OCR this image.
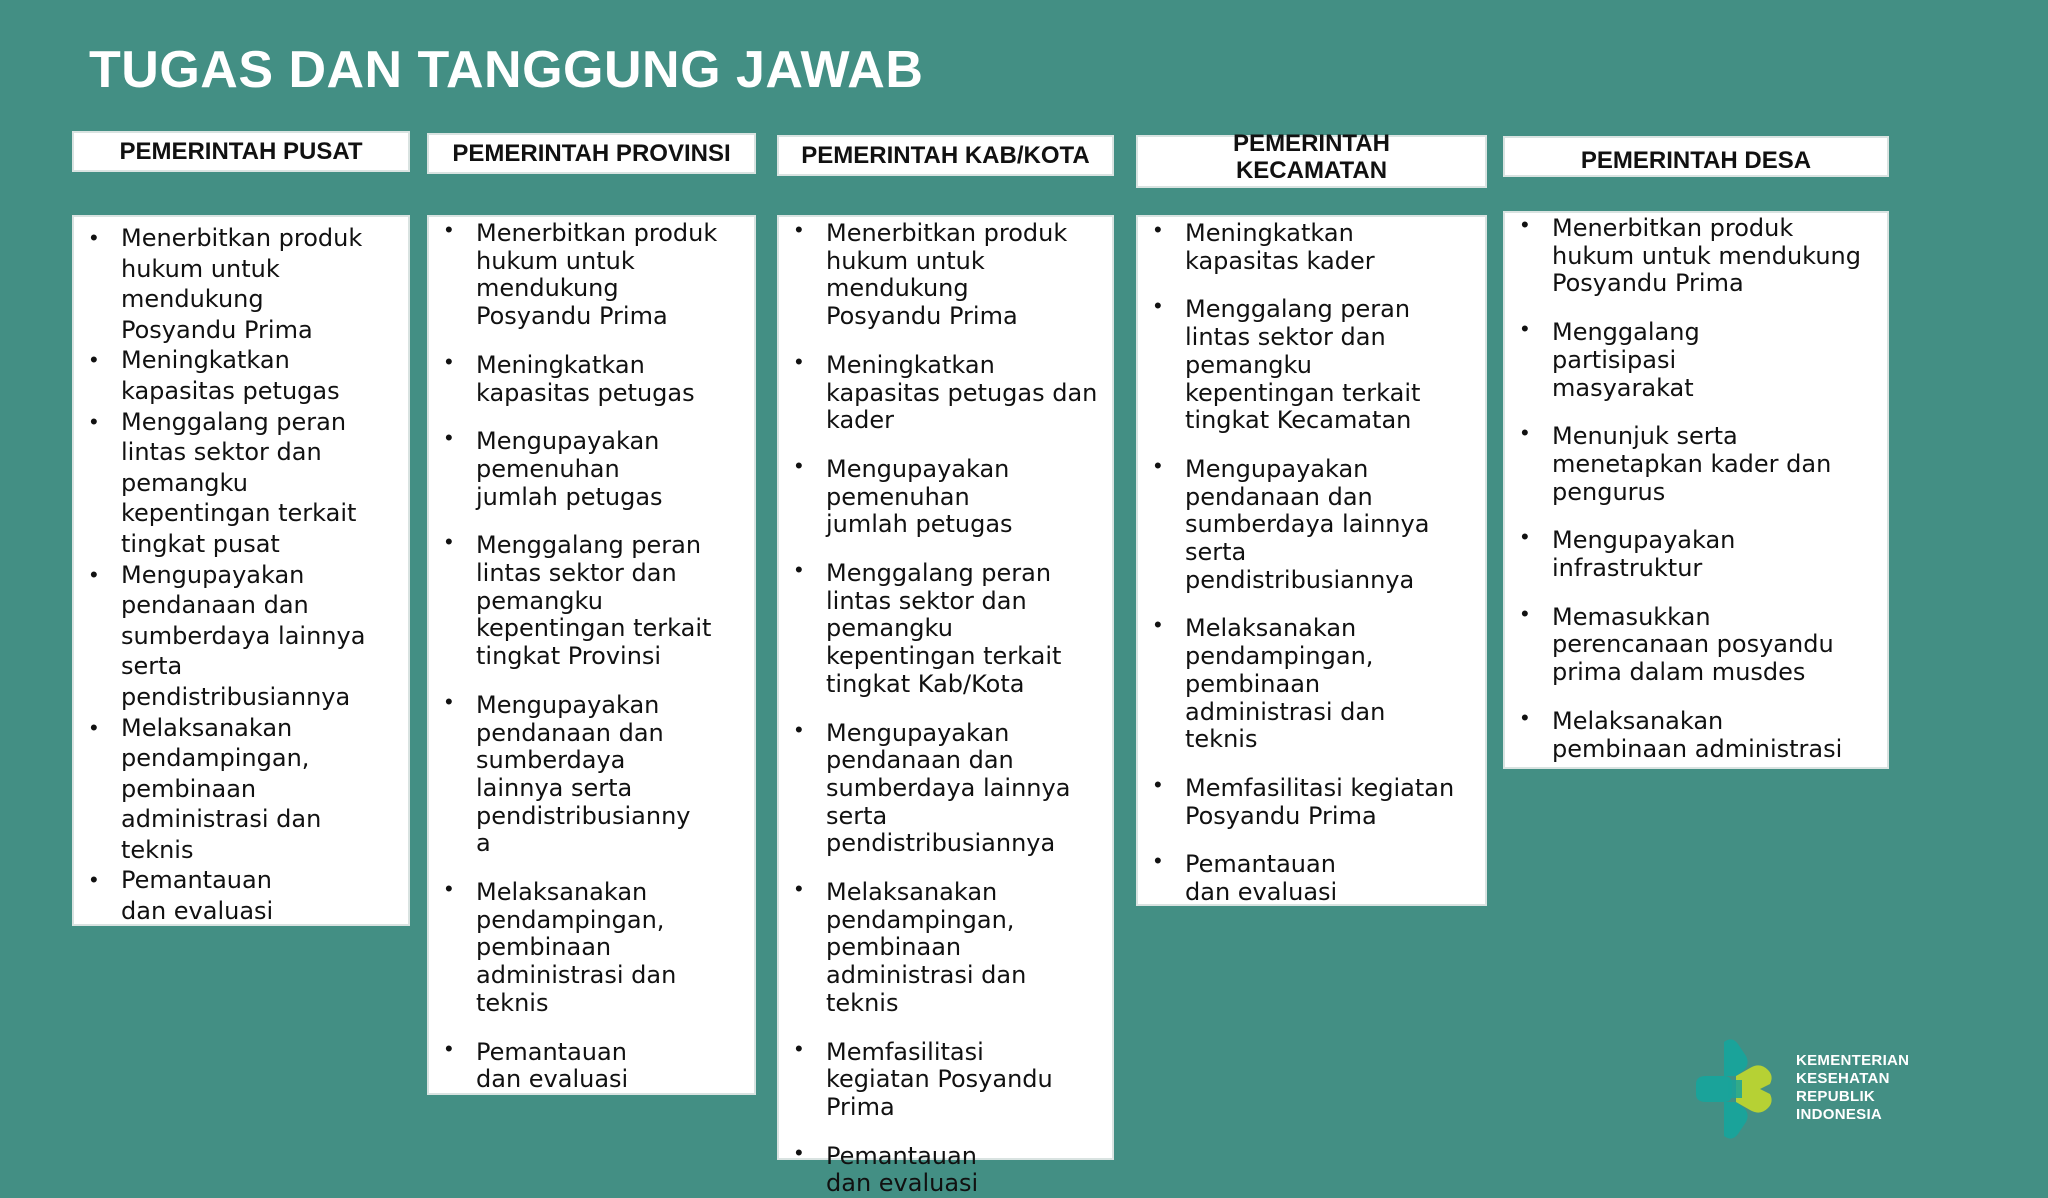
TUGAS DAN TANGGUNG JAWAB
PEMERINTAH PUSAT
• Menerbitkan produk
hukum untuk
mendukung
Posyandu Prima
• Meningkatkan
kapasitas petugas
• Menggalang peran
lintas sektor dan
pemangku
kepentingan terkait
tingkat pusat
• Mengupayakan
pendanaan dan
sumberdaya lainnya
serta
pendistribusiannya
• Melaksanakan
pendampingan,
pembinaan
administrasi dan
teknis
• Pemantauan
dan evaluasi
PEMERINTAH PROVINSI
• Menerbitkan produk
hukum untuk
mendukung
Posyandu Prima
• Meningkatkan
kapasitas petugas
• Mengupayakan
pemenuhan
jumlah petugas
• Menggalang peran
lintas sektor dan
pemangku
kepentingan terkait
tingkat Provinsi
• Mengupayakan
pendanaan dan
sumberdaya
lainnya serta
pendistribusianny
a
• Melaksanakan
pendampingan,
pembinaan
administrasi dan
teknis
• Pemantauan
dan evaluasi
PEMERINTAH KAB/KOTA
• Menerbitkan produk
hukum untuk
mendukung
Posyandu Prima
• Meningkatkan
kapasitas petugas dan
kader
• Mengupayakan
pemenuhan
jumlah petugas
• Menggalang peran
lintas sektor dan
pemangku
kepentingan terkait
tingkat Kab/Kota
• Mengupayakan
pendanaan dan
sumberdaya lainnya
serta
pendistribusiannya
• Melaksanakan
pendampingan,
pembinaan
administrasi dan
teknis
• Memfasilitasi
kegiatan Posyandu
Prima
• Pemantauan
dan evaluasi
PEMERINTAH
KECAMATAN
• Meningkatkan
kapasitas kader
• Menggalang peran
lintas sektor dan
pemangku
kepentingan terkait
tingkat Kecamatan
• Mengupayakan
pendanaan dan
sumberdaya lainnya
serta
pendistribusiannya
• Melaksanakan
pendampingan,
pembinaan
administrasi dan
teknis
• Memfasilitasi kegiatan
Posyandu Prima
• Pemantauan
dan evaluasi
PEMERINTAH DESA
• Menerbitkan produk
hukum untuk mendukung
Posyandu Prima
• Menggalang
partisipasi
masyarakat
• Menunjuk serta
menetapkan kader dan
pengurus
• Mengupayakan
infrastruktur
• Memasukkan
perencanaan posyandu
prima dalam musdes
• Melaksanakan
pembinaan administrasi
KEMENTERIAN
KESEHATAN
REPUBLIK
INDONESIA
